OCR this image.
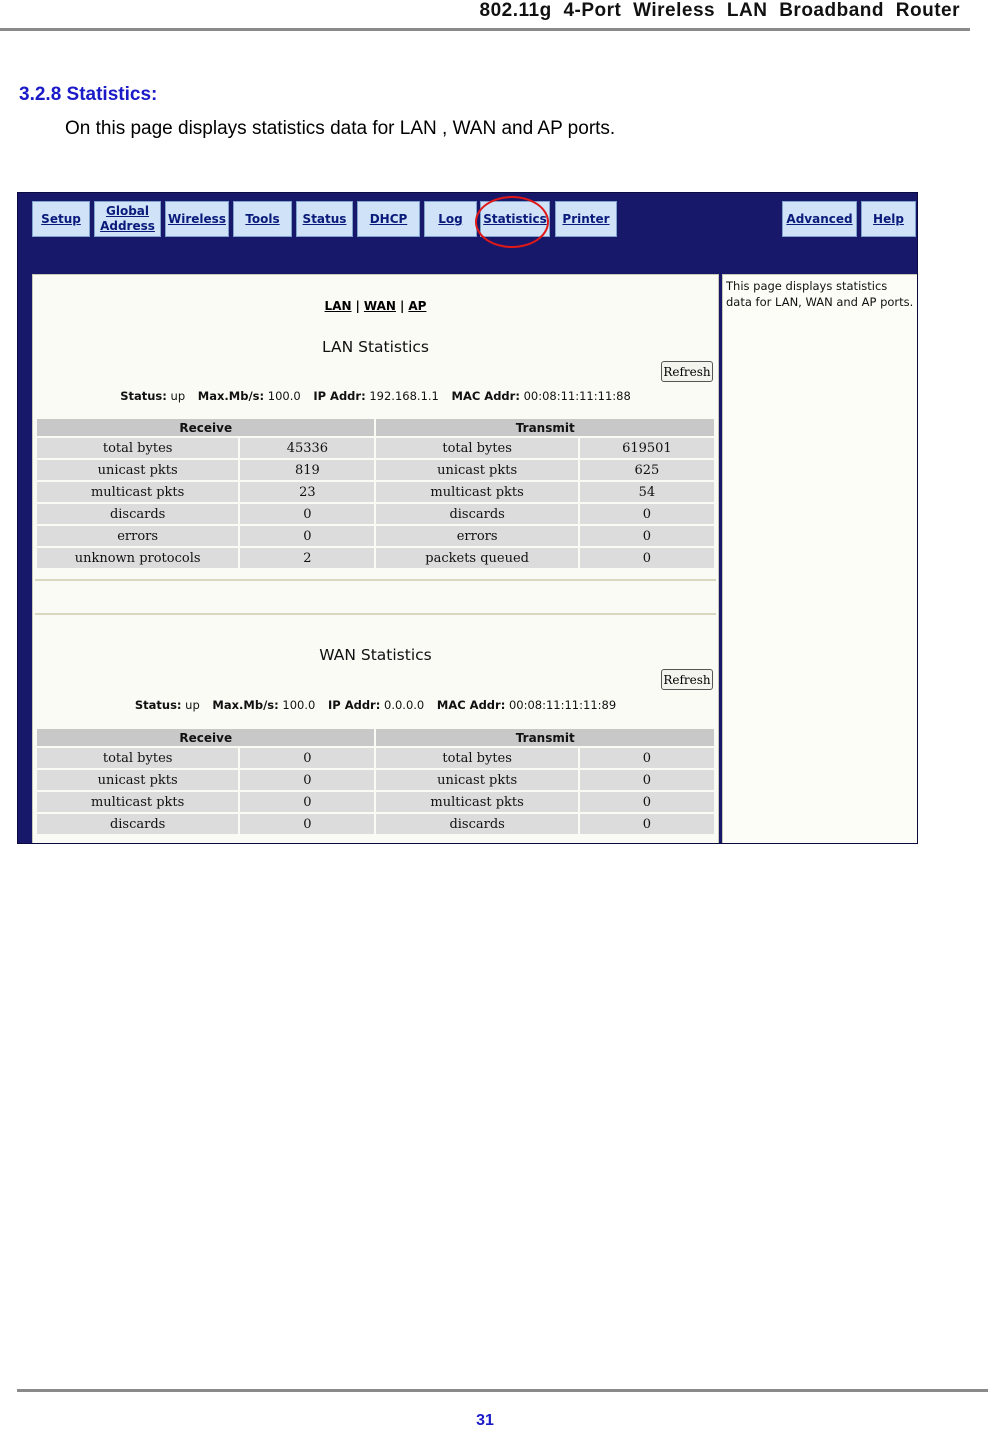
802.11g 4-Port Wireless LAN Broadband Router
3.2.8 Statistics:
On this page displays statistics data for LAN , WAN and AP ports.
Setup
Global
Address
Wireless	Tools	Status	DHCP	Log	Statistics	Printer	Advanced	Help
LAN | WAN | AP
LAN Statistics
Refresh
Status: up Max.Mb/s: 100.0 IP Addr: 192.168.1.1 MAC Addr: 00:08:11:11:11:88
Receive		Transmit	
total bytes	45336	total bytes	619501
unicast pkts	819	unicast pkts	625
multicast pkts	23	multicast pkts	54
discards	0	discards	0
errors	0	errors	0
unknown protocols	2	packets queued	0
WAN Statistics
Refresh
Status: up Max.Mb/s: 100.0 IP Addr: 0.0.0.0 MAC Addr: 00:08:11:11:11:89
Receive		Transmit	
total bytes	0	total bytes	0
unicast pkts	0	unicast pkts	0
multicast pkts	0	multicast pkts	0
discards	0	discards	0
This page displays statistics data for LAN, WAN and AP ports.
31
